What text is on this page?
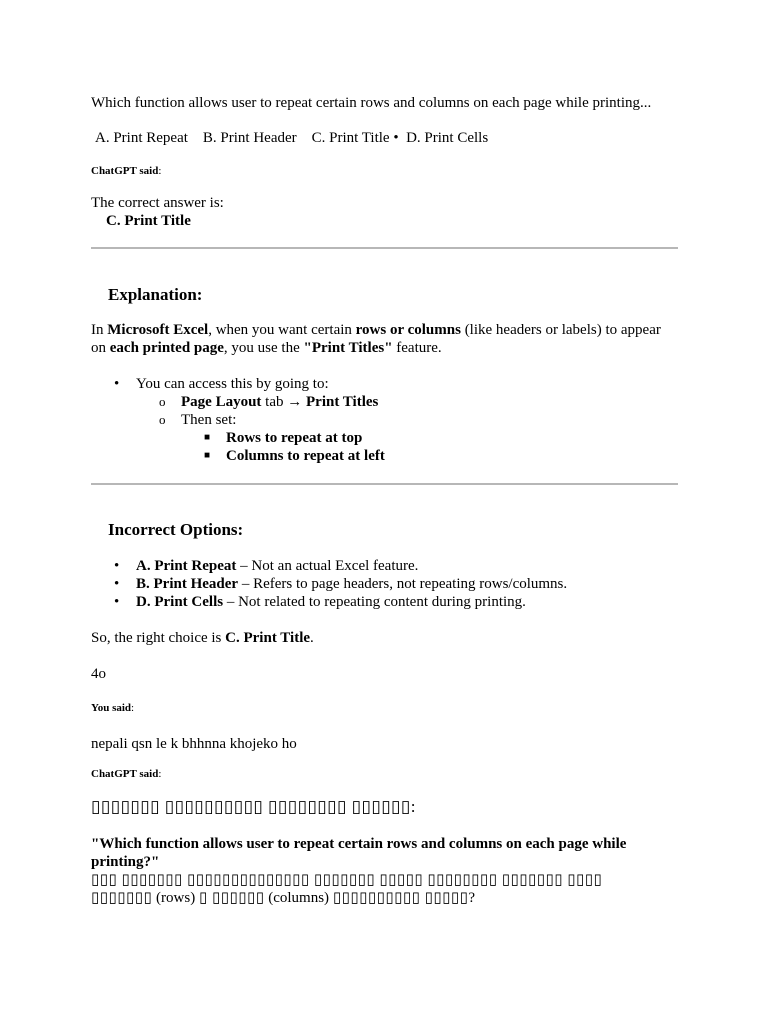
Which function allows user to repeat certain rows and columns on each page while printing...
A. Print Repeat B. Print Header C. Print Title • D. Print Cells
ChatGPT said:
The correct answer is:
C. Print Title
Explanation:
In Microsoft Excel, when you want certain rows or columns (like headers or labels) to appear
on each printed page, you use the "Print Titles" feature.
• You can access this by going to:
o Page Layout tab → Print Titles
o Then set:
■ Rows to repeat at top
■ Columns to repeat at left
Incorrect Options:
• A. Print Repeat – Not an actual Excel feature.
• B. Print Header – Refers to page headers, not repeating rows/columns.
• D. Print Cells – Not related to repeating content during printing.
So, the right choice is C. Print Title.
4o
You said:
nepali qsn le k bhhnna khojeko ho
ChatGPT said:
▯▯▯▯▯▯▯ ▯▯▯▯▯▯▯▯▯▯ ▯▯▯▯▯▯▯▯ ▯▯▯▯▯▯:
"Which function allows user to repeat certain rows and columns on each page while printing?"
▯▯▯ ▯▯▯▯▯▯▯ ▯▯▯▯▯▯▯▯▯▯▯▯▯▯ ▯▯▯▯▯▯▯ ▯▯▯▯▯ ▯▯▯▯▯▯▯▯ ▯▯▯▯▯▯▯ ▯▯▯▯
▯▯▯▯▯▯▯ (rows) ▯ ▯▯▯▯▯▯ (columns) ▯▯▯▯▯▯▯▯▯▯ ▯▯▯▯▯?
